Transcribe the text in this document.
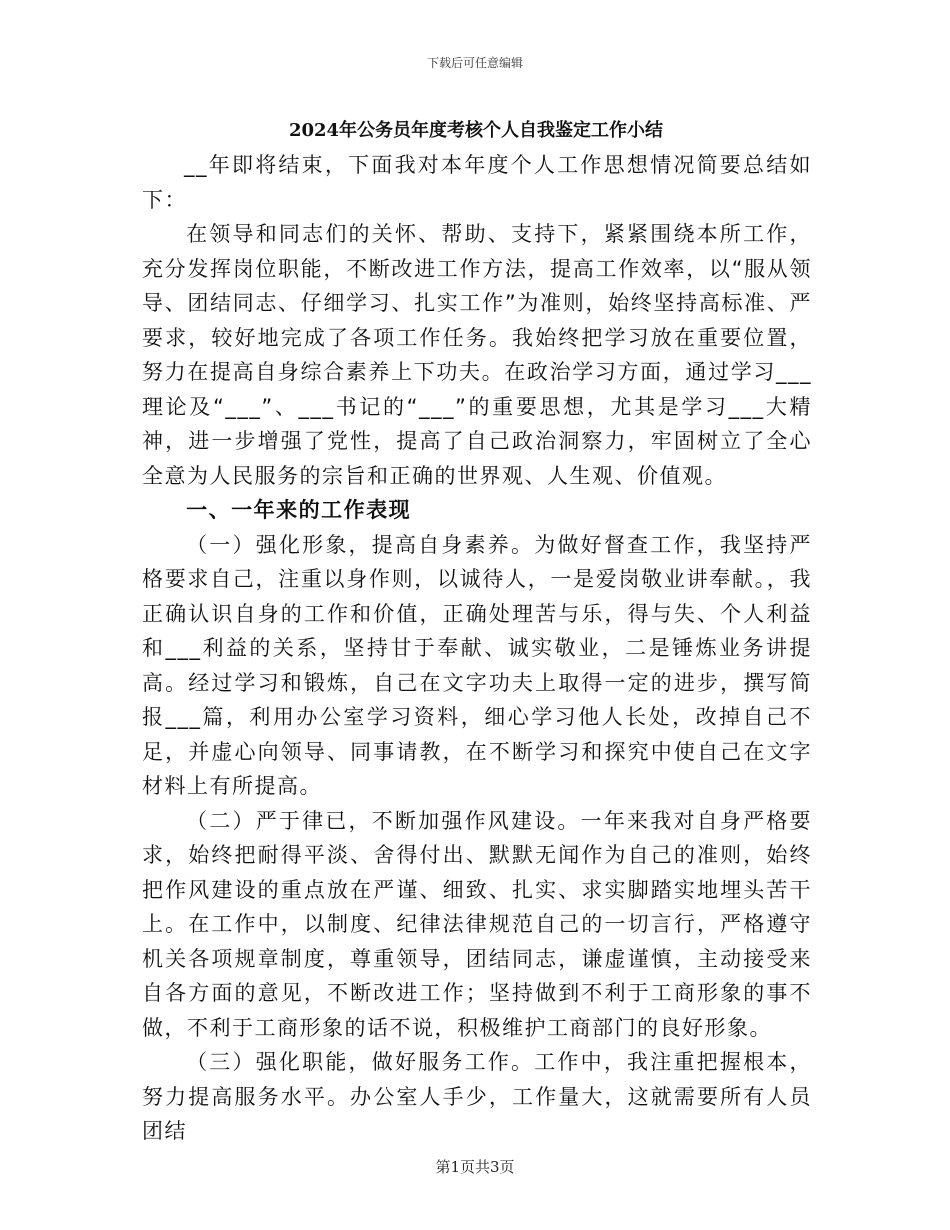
下载后可任意编辑
2024年公务员年度考核个人自我鉴定工作小结

__年即将结束，下面我对本年度个人工作思想情况简要总结如下：

在领导和同志们的关怀、帮助、支持下，紧紧围绕本所工作，充分发挥岗位职能，不断改进工作方法，提高工作效率，以“服从领导、团结同志、仔细学习、扎实工作”为准则，始终坚持高标准、严要求，较好地完成了各项工作任务。我始终把学习放在重要位置，努力在提高自身综合素养上下功夫。在政治学习方面，通过学习___理论及“___”、___书记的“___”的重要思想，尤其是学习___大精神，进一步增强了党性，提高了自己政治洞察力，牢固树立了全心全意为人民服务的宗旨和正确的世界观、人生观、价值观。

一、一年来的工作表现

（一）强化形象，提高自身素养。为做好督查工作，我坚持严格要求自己，注重以身作则，以诚待人，一是爱岗敬业讲奉献。，我正确认识自身的工作和价值，正确处理苦与乐，得与失、个人利益和___利益的关系，坚持甘于奉献、诚实敬业，二是锤炼业务讲提高。经过学习和锻炼，自己在文字功夫上取得一定的进步，撰写简报___篇，利用办公室学习资料，细心学习他人长处，改掉自己不足，并虚心向领导、同事请教，在不断学习和探究中使自己在文字材料上有所提高。

（二）严于律已，不断加强作风建设。一年来我对自身严格要求，始终把耐得平淡、舍得付出、默默无闻作为自己的准则，始终把作风建设的重点放在严谨、细致、扎实、求实脚踏实地埋头苦干上。在工作中，以制度、纪律法律规范自己的一切言行，严格遵守机关各项规章制度，尊重领导，团结同志，谦虚谨慎，主动接受来自各方面的意见，不断改进工作；坚持做到不利于工商形象的事不做，不利于工商形象的话不说，积极维护工商部门的良好形象。

（三）强化职能，做好服务工作。工作中，我注重把握根本，努力提高服务水平。办公室人手少，工作量大，这就需要所有人员团结

第1页共3页
